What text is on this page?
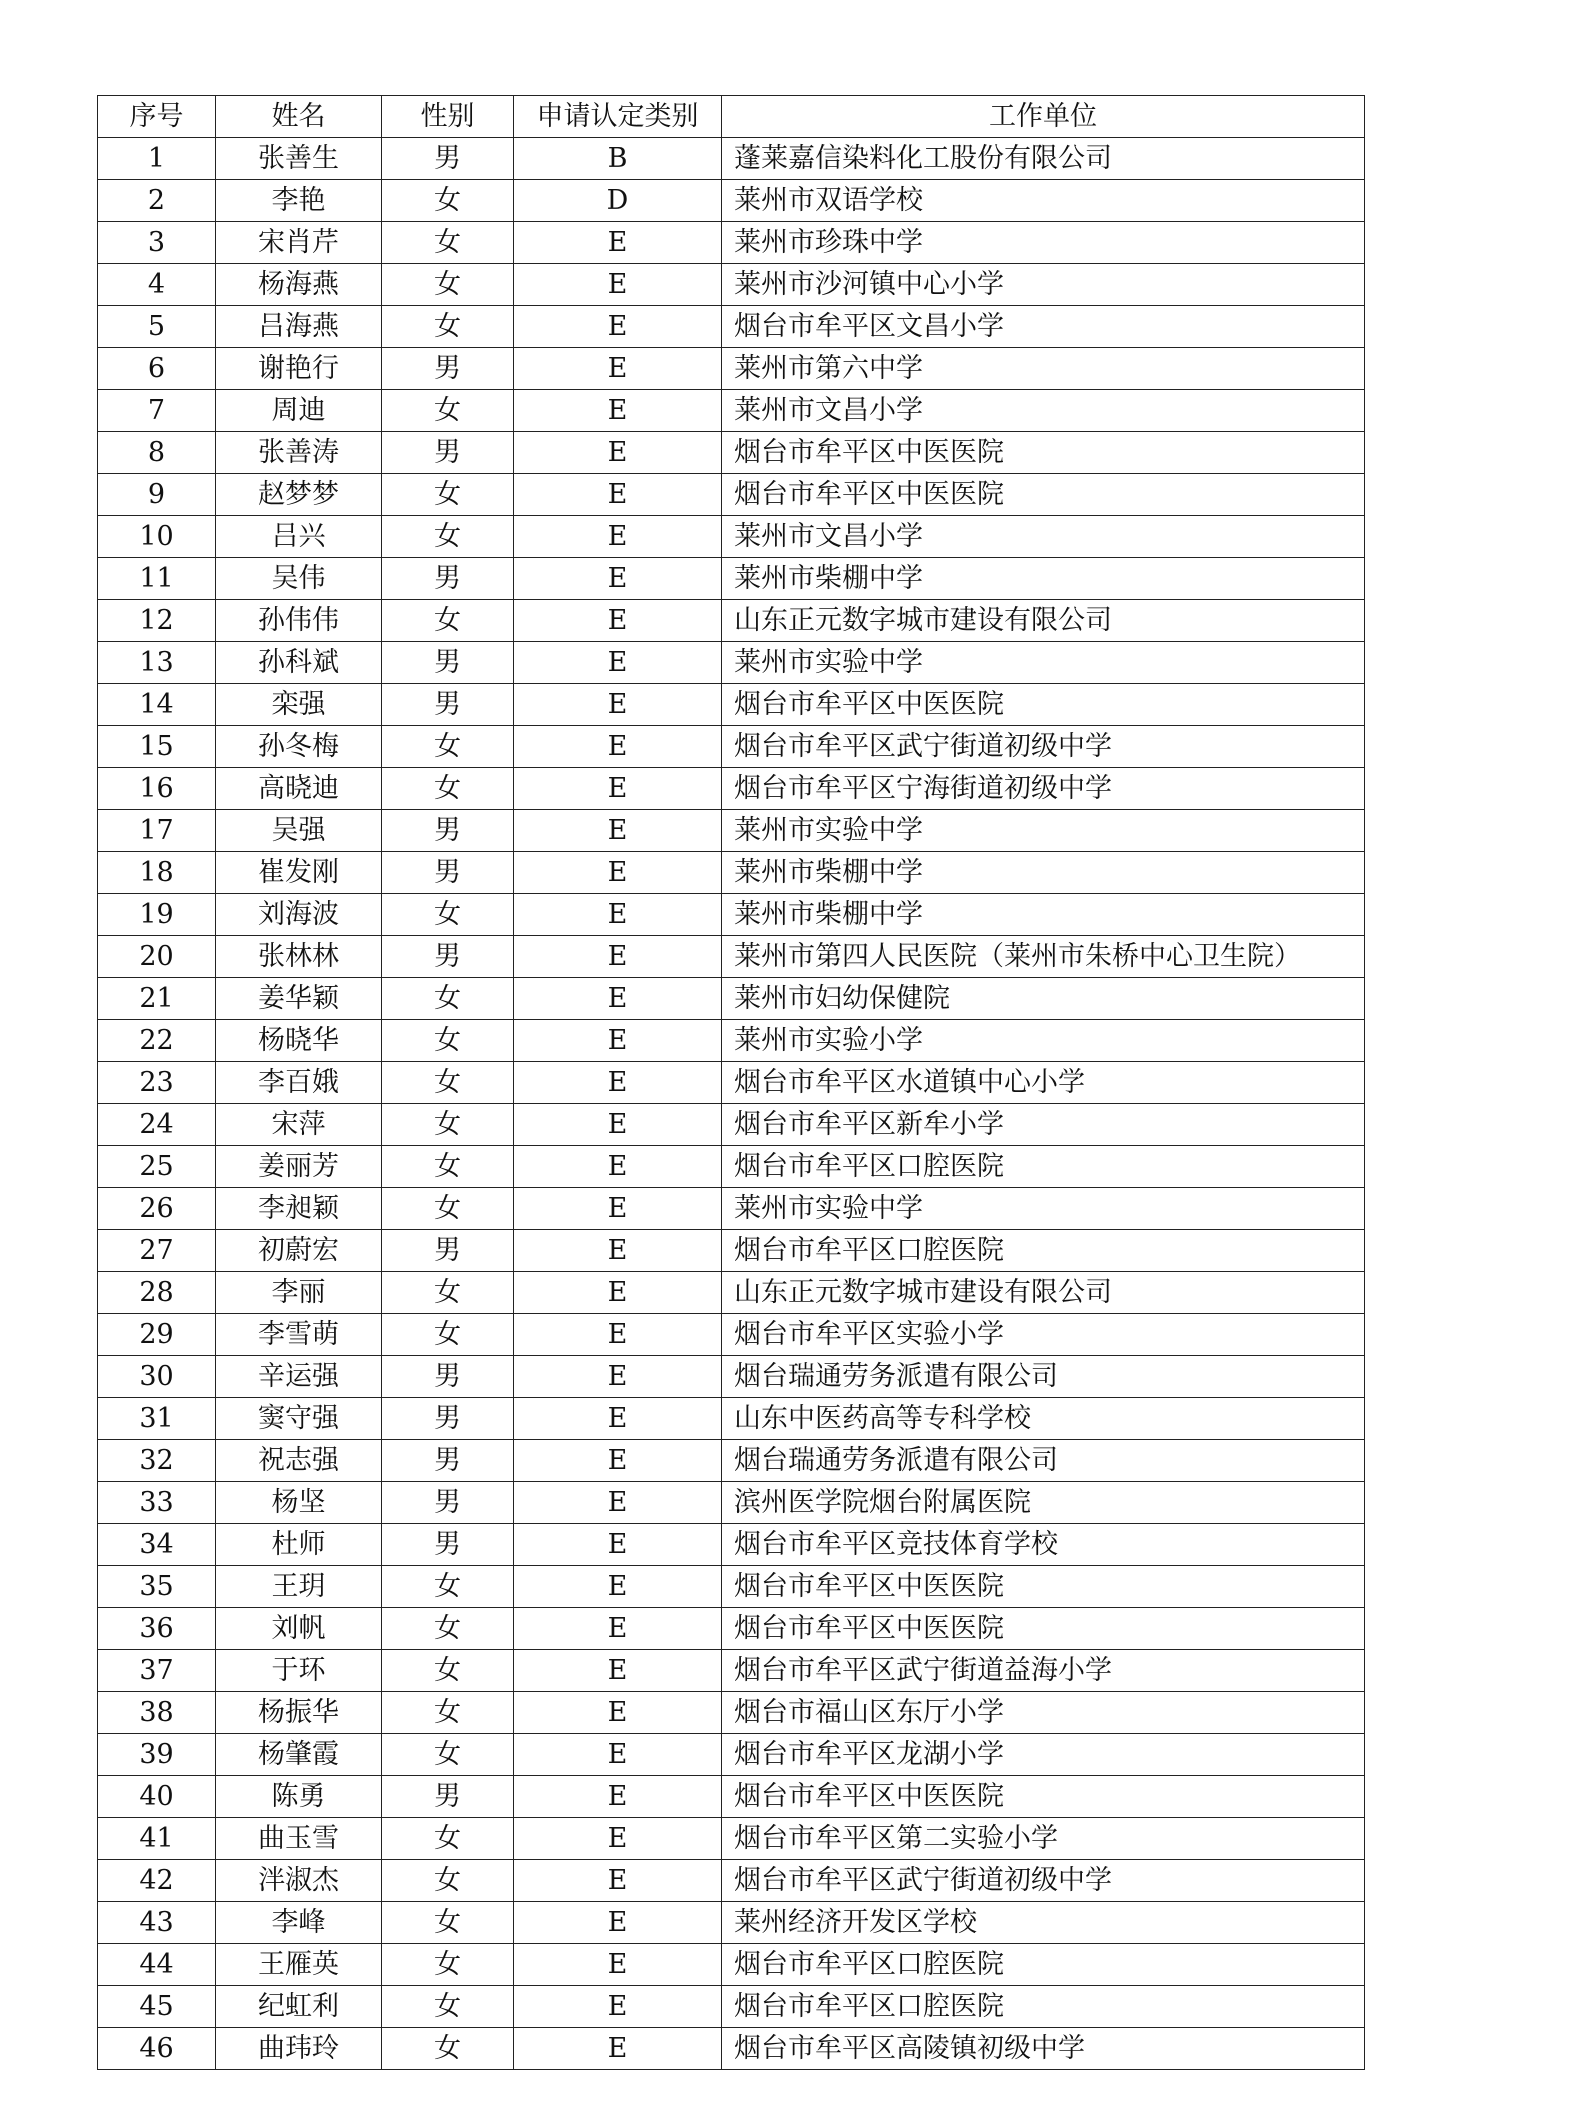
序号	姓名	性别	申请认定类别	工作单位
1	张善生	男	B	蓬莱嘉信染料化工股份有限公司
2	李艳	女	D	莱州市双语学校
3	宋肖芹	女	E	莱州市珍珠中学
4	杨海燕	女	E	莱州市沙河镇中心小学
5	吕海燕	女	E	烟台市牟平区文昌小学
6	谢艳行	男	E	莱州市第六中学
7	周迪	女	E	莱州市文昌小学
8	张善涛	男	E	烟台市牟平区中医医院
9	赵梦梦	女	E	烟台市牟平区中医医院
10	吕兴	女	E	莱州市文昌小学
11	吴伟	男	E	莱州市柴棚中学
12	孙伟伟	女	E	山东正元数字城市建设有限公司
13	孙科斌	男	E	莱州市实验中学
14	栾强	男	E	烟台市牟平区中医医院
15	孙冬梅	女	E	烟台市牟平区武宁街道初级中学
16	高晓迪	女	E	烟台市牟平区宁海街道初级中学
17	吴强	男	E	莱州市实验中学
18	崔发刚	男	E	莱州市柴棚中学
19	刘海波	女	E	莱州市柴棚中学
20	张林林	男	E	莱州市第四人民医院（莱州市朱桥中心卫生院）
21	姜华颖	女	E	莱州市妇幼保健院
22	杨晓华	女	E	莱州市实验小学
23	李百娥	女	E	烟台市牟平区水道镇中心小学
24	宋萍	女	E	烟台市牟平区新牟小学
25	姜丽芳	女	E	烟台市牟平区口腔医院
26	李昶颖	女	E	莱州市实验中学
27	初蔚宏	男	E	烟台市牟平区口腔医院
28	李丽	女	E	山东正元数字城市建设有限公司
29	李雪萌	女	E	烟台市牟平区实验小学
30	辛运强	男	E	烟台瑞通劳务派遣有限公司
31	窦守强	男	E	山东中医药高等专科学校
32	祝志强	男	E	烟台瑞通劳务派遣有限公司
33	杨坚	男	E	滨州医学院烟台附属医院
34	杜师	男	E	烟台市牟平区竞技体育学校
35	王玥	女	E	烟台市牟平区中医医院
36	刘帆	女	E	烟台市牟平区中医医院
37	于环	女	E	烟台市牟平区武宁街道益海小学
38	杨振华	女	E	烟台市福山区东厅小学
39	杨肇霞	女	E	烟台市牟平区龙湖小学
40	陈勇	男	E	烟台市牟平区中医医院
41	曲玉雪	女	E	烟台市牟平区第二实验小学
42	泮淑杰	女	E	烟台市牟平区武宁街道初级中学
43	李峰	女	E	莱州经济开发区学校
44	王雁英	女	E	烟台市牟平区口腔医院
45	纪虹利	女	E	烟台市牟平区口腔医院
46	曲玮玲	女	E	烟台市牟平区高陵镇初级中学
